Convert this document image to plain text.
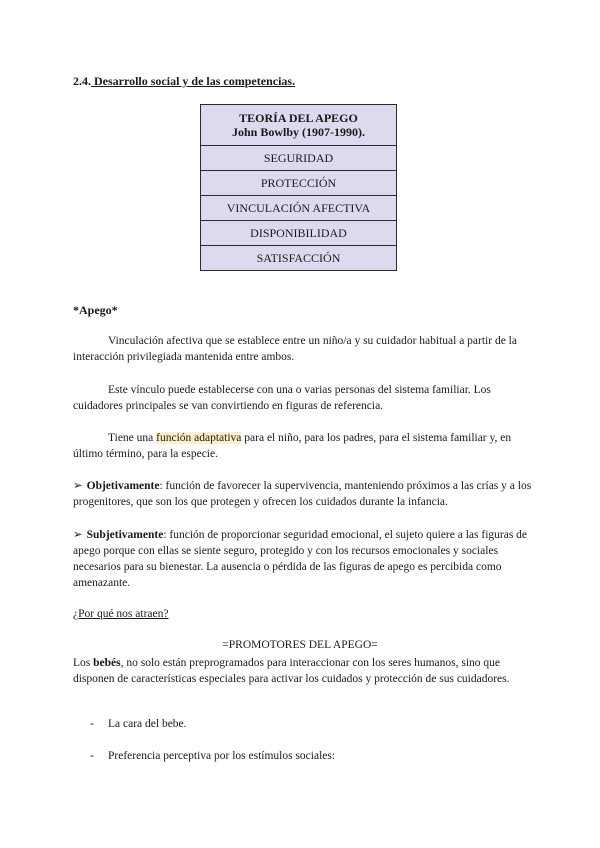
2.4. Desarrollo social y de las competencias.
TEORÍA DEL APEGO
John Bowlby (1907-1990).

SEGURIDAD
PROTECCIÓN
VINCULACIÓN AFECTIVA
DISPONIBILIDAD
SATISFACCIÓN
*Apego*

Vinculación afectiva que se establece entre un niño/a y su cuidador habitual a partir de la interacción privilegiada mantenida entre ambos.

Este vínculo puede establecerse con una o varias personas del sistema familiar. Los cuidadores principales se van convirtiendo en figuras de referencia.

Tiene una función adaptativa para el niño, para los padres, para el sistema familiar y, en último término, para la especie.

➢ Objetivamente: función de favorecer la supervivencia, manteniendo próximos a las crías y a los progenitores, que son los que protegen y ofrecen los cuidados durante la infancia.

➢ Subjetivamente: función de proporcionar seguridad emocional, el sujeto quiere a las figuras de apego porque con ellas se siente seguro, protegido y con los recursos emocionales y sociales necesarios para su bienestar. La ausencia o pérdida de las figuras de apego es percibida como amenazante.

¿Por qué nos atraen?
=PROMOTORES DEL APEGO=

Los bebés, no solo están preprogramados para interaccionar con los seres humanos, sino que disponen de características especiales para activar los cuidados y protección de sus cuidadores.

- La cara del bebe.
- Preferencia perceptiva por los estímulos sociales:
